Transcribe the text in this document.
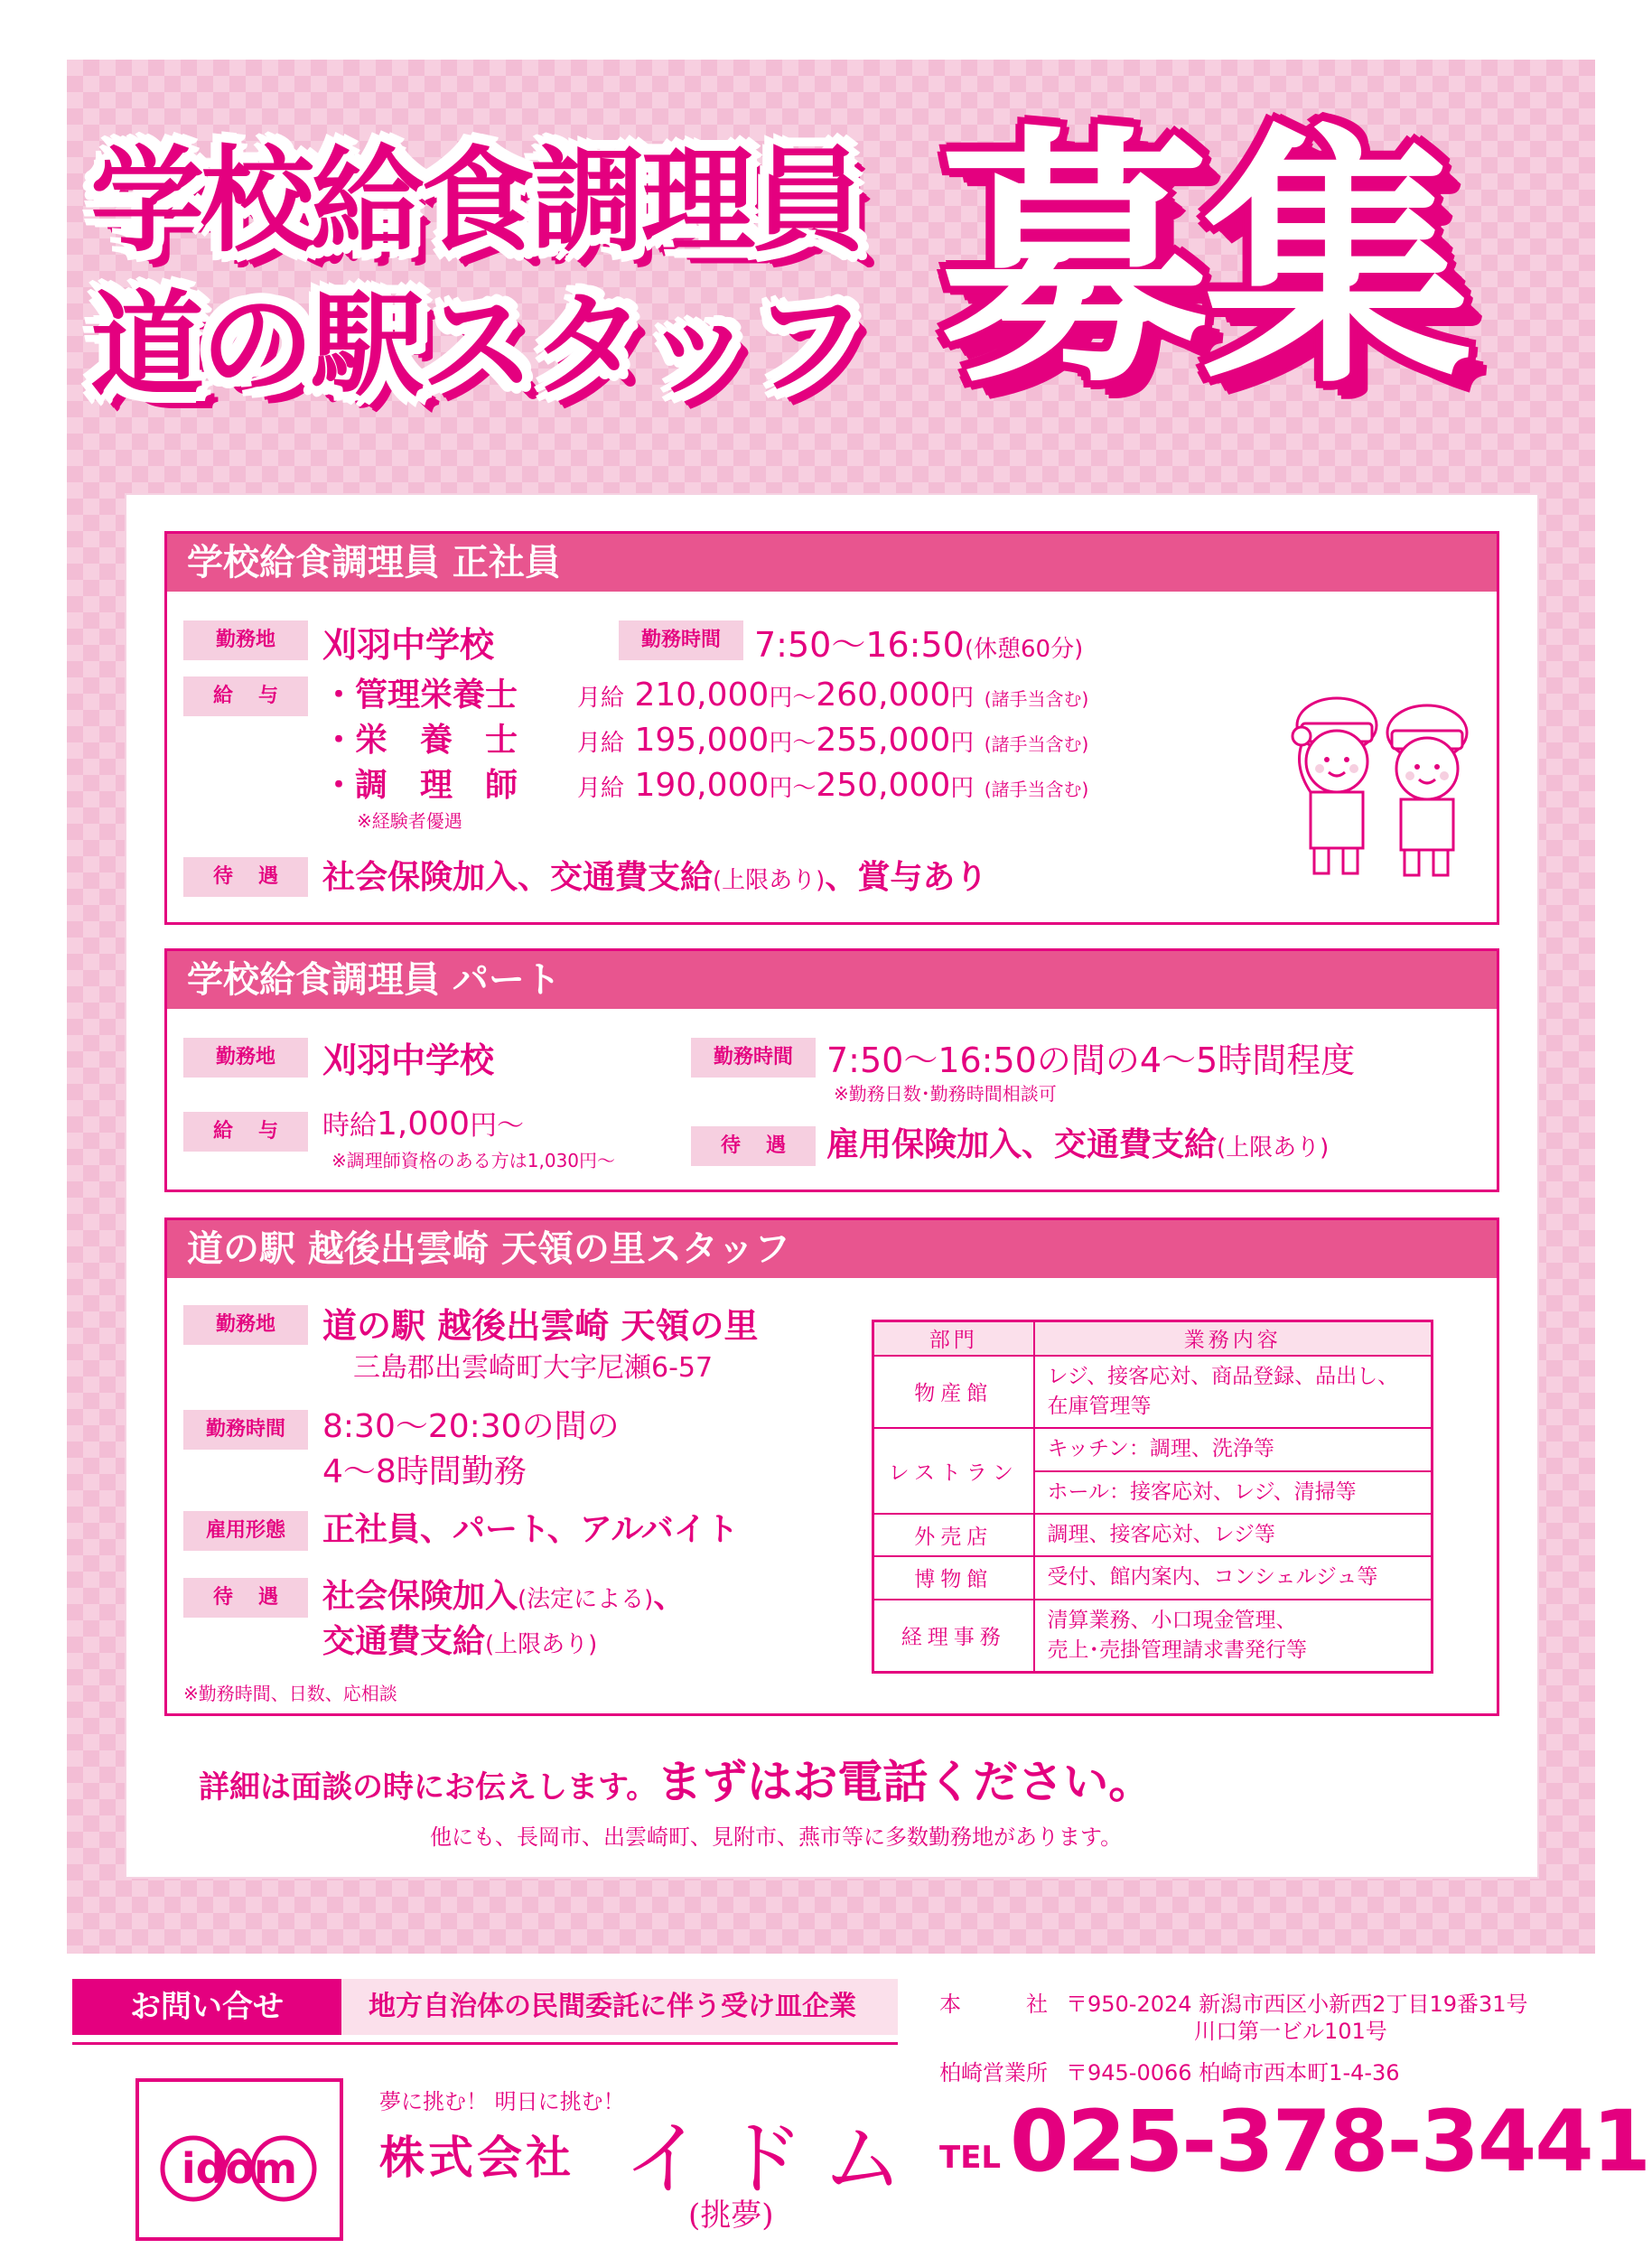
学校給食調理員
道の駅スタッフ 募集
学校給食調理員 正社員
勤務地	刈羽中学校	勤務時間 7:50〜16:50(休憩60分)
給与 ・管理栄養士	月給 210,000円〜260,000円 (諸手当含む)
・栄　養　士	月給 195,000円〜255,000円 (諸手当含む)
・調　理　師	月給 190,000円〜250,000円 (諸手当含む)
※経験者優遇
待遇 社会保険加入、交通費支給(上限あり)、賞与あり
学校給食調理員 パート
勤務地	刈羽中学校	勤務時間 7:50〜16:50の間の4〜5時間程度
※勤務日数･勤務時間相談可
給与 時給1,000円〜
※調理師資格のある方は1,030円〜
待遇 雇用保険加入、交通費支給(上限あり)
道の駅 越後出雲崎 天領の里スタッフ
勤務地	道の駅 越後出雲崎 天領の里
三島郡出雲崎町大字尼瀬6-57
勤務時間	8:30〜20:30の間の
4〜8時間勤務
雇用形態	正社員、パート、アルバイト
待遇 社会保険加入(法定による)、
交通費支給(上限あり)
※勤務時間、日数、応相談
部門	業務内容
物産館	レジ、接客応対、商品登録、品出し、
在庫管理等

レストラン	キッチン：調理、洗浄等
	ホール：接客応対、レジ、清掃等
外売店	調理、接客応対、レジ等
博物館	受付、館内案内、コンシェルジュ等
経理事務	清算業務、小口現金管理、
売上･売掛管理請求書発行等
詳細は面談の時にお伝えします。まずはお電話ください。
他にも、長岡市、出雲崎町、見附市、燕市等に多数勤務地があります。
お問い合せ	地方自治体の民間委託に伴う受け皿企業
idom
夢に挑む！ 明日に挑む！
株式会社 イドム
(挑夢)
本　　　社 〒950-2024 新潟市西区小新西2丁目19番31号
川口第一ビル101号
柏崎営業所 〒945-0066 柏崎市西本町1-4-36
TEL 025-378-3441
